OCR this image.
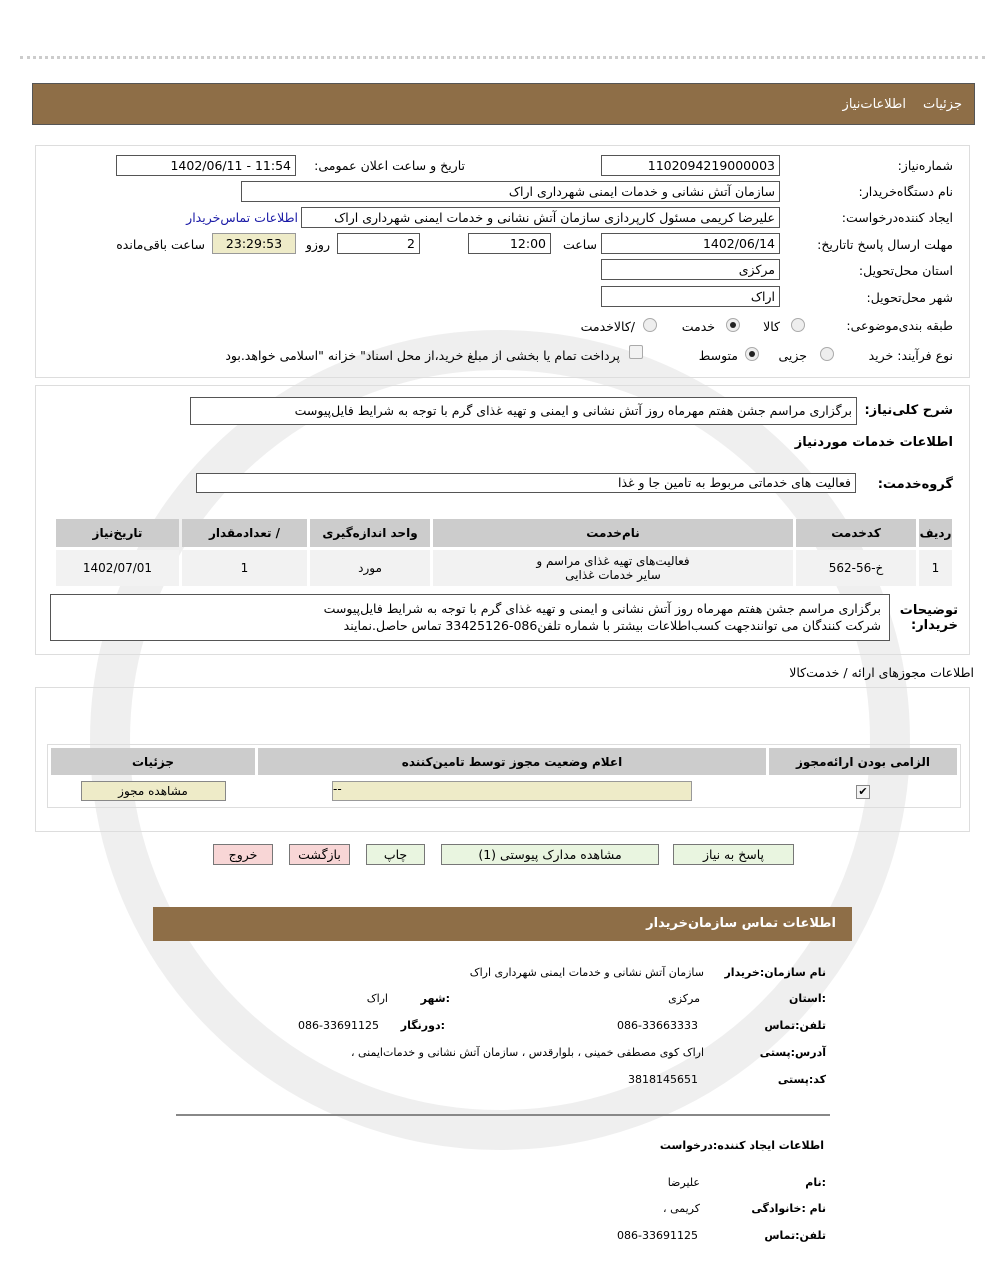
جزئیات
اطلاعات‌نیاز
شماره‌نیاز:
1102094219000003
تاریخ و ساعت اعلان عمومی:
1402/06/11 - 11:54
نام دستگاه‌خریدار:
سازمان آتش نشانی و خدمات ایمنی شهرداری اراک
ایجاد کننده‌درخواست:
علیرضا کریمی مسئول کارپردازی سازمان آتش نشانی و خدمات ایمنی شهرداری اراک
اطلاعات تماس‌خریدار
مهلت ارسال پاسخ تا‌تاریخ:
1402/06/14
ساعت
12:00
2
روزو
23:29:53
ساعت باقی‌مانده
استان محل‌تحویل:
مرکزی
شهر محل‌تحویل:
اراک
طبقه بندی‌موضوعی:
کالا
خدمت
/کالاخدمت
نوع فرآیند: خرید
جزیی
متوسط
پرداخت تمام یا بخشی از مبلغ خرید،از محل اسناد" خزانه "اسلامی خواهد.بود
شرح کلی‌نیاز:
برگزاری مراسم جشن هفتم مهرماه روز آتش نشانی و ایمنی و تهیه غذای گرم با توجه به شرایط فایل‌پیوست
اطلاعات خدمات موردنیاز
گروه‌خدمت:
فعالیت های خدماتی مربوط به تامین جا و غذا
ردیف	کدخدمت	نام‌خدمت	واحد اندازه‌گیری	/ تعدادمقدار	تاریخ‌نیاز
1	خ-56-562	فعالیت‌های تهیه غذای مراسم و سایر خدمات غذایی	مورد	1	1402/07/01
توضیحات خریدار:
برگزاری مراسم جشن هفتم مهرماه روز آتش نشانی و ایمنی و تهیه غذای گرم با توجه به شرایط فایل‌پیوست
شرکت کنندگان می توانندجهت کسب‌اطلاعات بیشتر با شماره تلفن086-33425126 تماس حاصل.نمایند
اطلاعات مجوزهای ارائه / خدمت‌کالا
الزامی بودن ارائه‌مجوز	اعلام وضعیت مجوز توسط تامین‌کننده	جزئیات
✔	--	مشاهده مجوز
پاسخ به نیاز
مشاهده مدارک پیوستی (1)
چاپ
بازگشت
خروج
اطلاعات تماس سازمان‌خریدار
نام سازمان:خریدار
سازمان آتش نشانی و خدمات ایمنی شهرداری اراک
:استان
مرکزی
:شهر
اراک
تلفن:تماس
086-33663333
:دورنگار
086-33691125
آدرس:پستی
اراک کوی مصطفی خمینی ، بلوارقدس ، سازمان آتش نشانی و خدمات‌ایمنی ،
کد:پستی
3818145651
اطلاعات ایجاد کننده:درخواست
:نام
علیرضا
نام :خانوادگی
کریمی ،
تلفن:تماس
086-33691125
